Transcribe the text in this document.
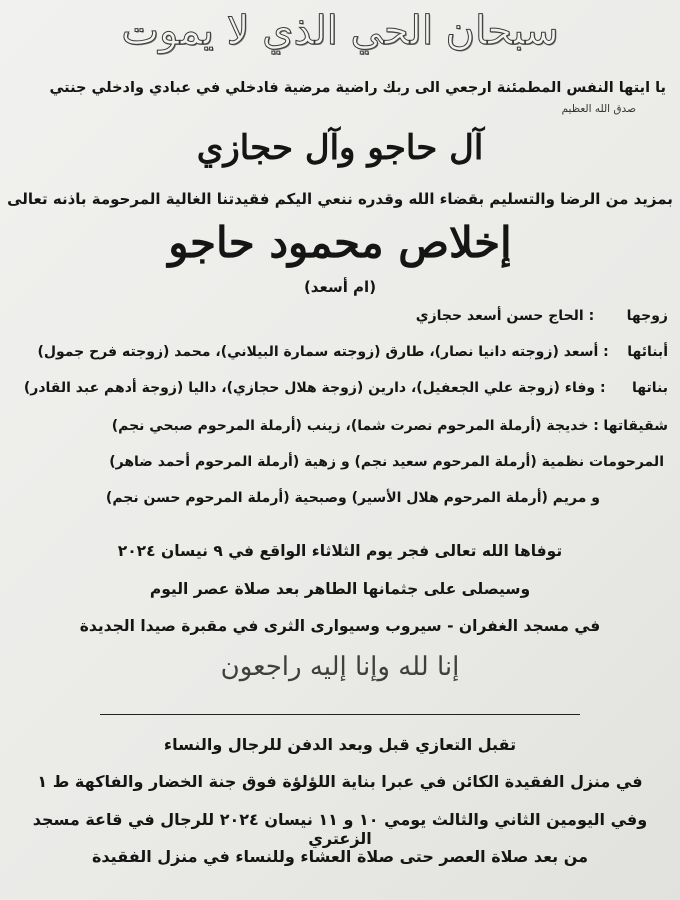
سبحان الحي الذي لا يموت
يا ايتها النفس المطمئنة ارجعي الى ربك راضية مرضية فادخلي في عبادي وادخلي جنتي
صدق الله العظيم
آل حاجو وآل حجازي
بمزيد من الرضا والتسليم بقضاء الله وقدره ننعي اليكم فقيدتنا الغالية المرحومة باذنه تعالى
إخلاص محمود حاجو
(ام أسعد)
زوجها : الحاج حسن أسعد حجازي
أبنائها : أسعد (زوجته دانيا نصار)، طارق (زوجته سمارة البيلاني)، محمد (زوجته فرح جمول)
بناتها : وفاء (زوجة علي الجعفيل)، دارين (زوجة هلال حجازي)، داليا (زوجة أدهم عبد القادر)
شقيقاتها : خديجة (أرملة المرحوم نصرت شما)، زينب (أرملة المرحوم صبحي نجم)
المرحومات نظمية (أرملة المرحوم سعيد نجم) و زهية (أرملة المرحوم أحمد ضاهر)
و مريم (أرملة المرحوم هلال الأسير) وصبحية (أرملة المرحوم حسن نجم)
توفاها الله تعالى فجر يوم الثلاثاء الواقع في ٩ نيسان ٢٠٢٤
وسيصلى على جثمانها الطاهر بعد صلاة عصر اليوم
في مسجد الغفران - سيروب وسيوارى الثرى في مقبرة صيدا الجديدة
إنا لله وإنا إليه راجعون
تقبل التعازي قبل وبعد الدفن للرجال والنساء
في منزل الفقيدة الكائن في عبرا بناية اللؤلؤة فوق جنة الخضار والفاكهة ط ١
وفي اليومين الثاني والثالث يومي ١٠ و ١١ نيسان ٢٠٢٤ للرجال في قاعة مسجد الزعتري
من بعد صلاة العصر حتى صلاة العشاء وللنساء في منزل الفقيدة
